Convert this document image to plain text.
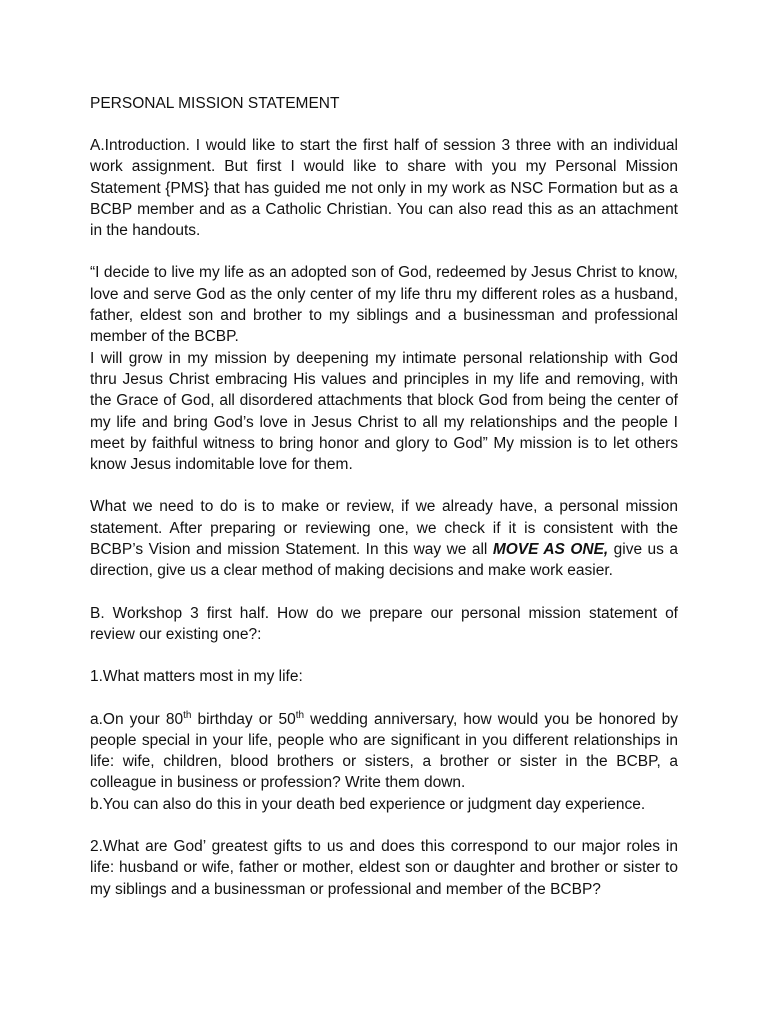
PERSONAL MISSION STATEMENT

A.Introduction. I would like to start the first half of session 3 three with an individual work assignment. But first I would like to share with you my Personal Mission Statement {PMS} that has guided me not only in my work as NSC Formation but as a BCBP member and as a Catholic Christian. You can also read this as an attachment in the handouts.

“I decide to live my life as an adopted son of God, redeemed by Jesus Christ to know, love and serve God as the only center of my life thru my different roles as a husband, father, eldest son and brother to my siblings and a businessman and professional member of the BCBP.

I will grow in my mission by deepening my intimate personal relationship with God thru Jesus Christ embracing His values and principles in my life and removing, with the Grace of God, all disordered attachments that block God from being the center of my life and bring God’s love in Jesus Christ to all my relationships and the people I meet by faithful witness to bring honor and glory to God” My mission is to let others know Jesus indomitable love for them.

What we need to do is to make or review, if we already have, a personal mission statement. After preparing or reviewing one, we check if it is consistent with the BCBP’s Vision and mission Statement. In this way we all MOVE AS ONE, give us a direction, give us a clear method of making decisions and make work easier.

B. Workshop 3 first half. How do we prepare our personal mission statement of review our existing one?:

1.What matters most in my life:

a.On your 80th birthday or 50th wedding anniversary, how would you be honored by people special in your life, people who are significant in you different relationships in life: wife, children, blood brothers or sisters, a brother or sister in the BCBP, a colleague in business or profession? Write them down.

b.You can also do this in your death bed experience or judgment day experience.

2.What are God’ greatest gifts to us and does this correspond to our major roles in life: husband or wife, father or mother, eldest son or daughter and brother or sister to my siblings and a businessman or professional and member of the BCBP?
